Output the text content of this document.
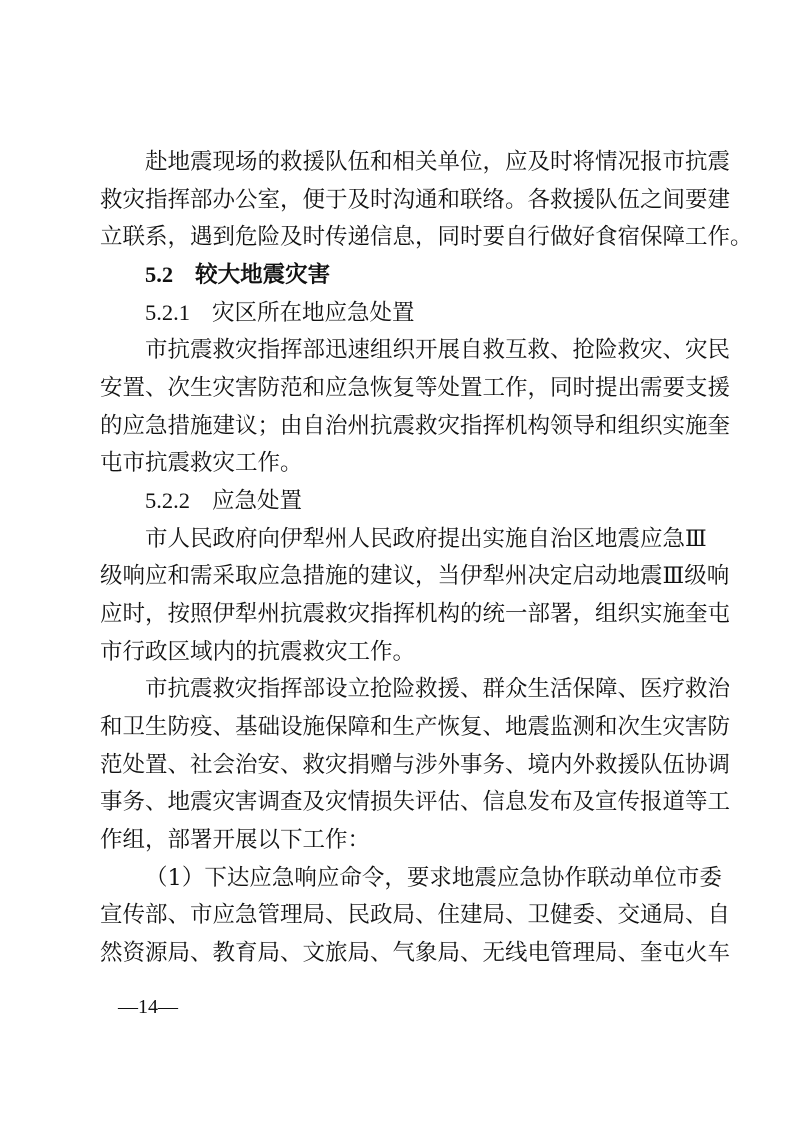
赴地震现场的救援队伍和相关单位，应及时将情况报市抗震
救灾指挥部办公室，便于及时沟通和联络。各救援队伍之间要建
立联系，遇到危险及时传递信息，同时要自行做好食宿保障工作。
5.2 较大地震灾害
5.2.1 灾区所在地应急处置
市抗震救灾指挥部迅速组织开展自救互救、抢险救灾、灾民
安置、次生灾害防范和应急恢复等处置工作，同时提出需要支援
的应急措施建议；由自治州抗震救灾指挥机构领导和组织实施奎
屯市抗震救灾工作。
5.2.2 应急处置
市人民政府向伊犁州人民政府提出实施自治区地震应急Ⅲ
级响应和需采取应急措施的建议，当伊犁州决定启动地震Ⅲ级响
应时，按照伊犁州抗震救灾指挥机构的统一部署，组织实施奎屯
市行政区域内的抗震救灾工作。
市抗震救灾指挥部设立抢险救援、群众生活保障、医疗救治
和卫生防疫、基础设施保障和生产恢复、地震监测和次生灾害防
范处置、社会治安、救灾捐赠与涉外事务、境内外救援队伍协调
事务、地震灾害调查及灾情损失评估、信息发布及宣传报道等工
作组，部署开展以下工作：
（1）下达应急响应命令，要求地震应急协作联动单位市委
宣传部、市应急管理局、民政局、住建局、卫健委、交通局、自
然资源局、教育局、文旅局、气象局、无线电管理局、奎屯火车
—14—
